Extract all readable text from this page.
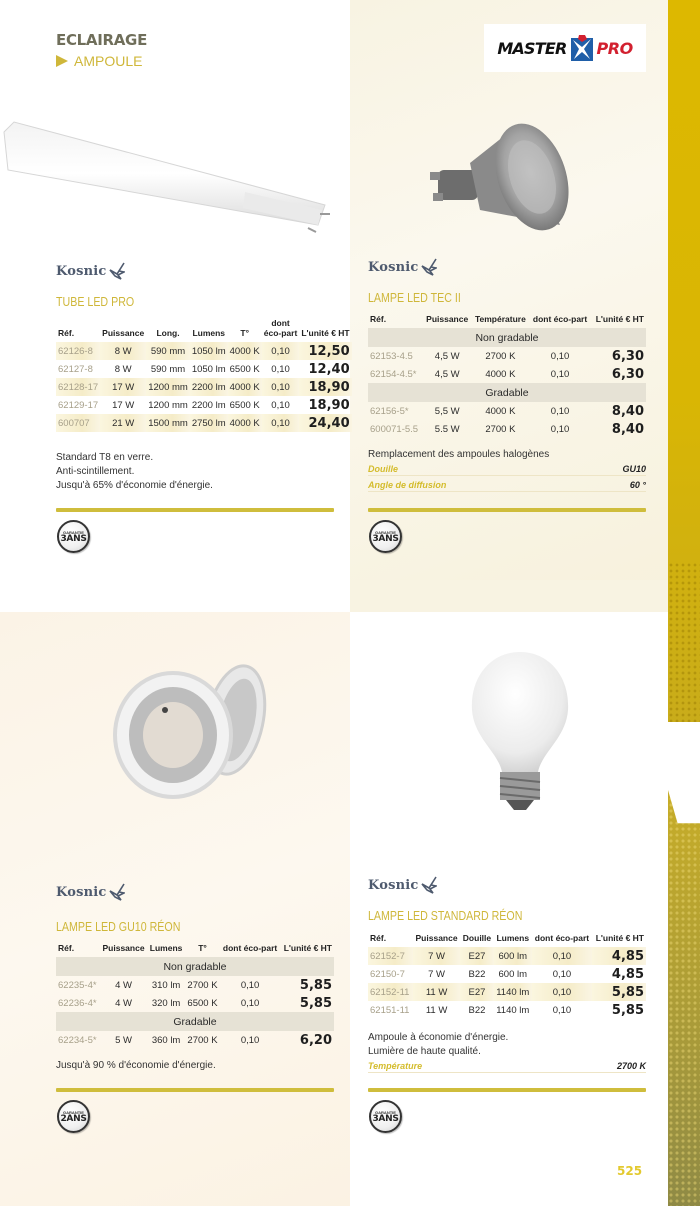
ECLAIRAGE
AMPOULE
MASTER PRO
Kosnic
TUBE LED PRO
Réf.	Puissance	Long.	Lumens	T°	dont
éco-part	L'unité € HT
62126-8	8 W	590 mm	1050 lm	4000 K	0,10	12,50
62127-8	8 W	590 mm	1050 lm	6500 K	0,10	12,40
62128-17	17 W	1200 mm	2200 lm	4000 K	0,10	18,90
62129-17	17 W	1200 mm	2200 lm	6500 K	0,10	18,90
600707	21 W	1500 mm	2750 lm	4000 K	0,10	24,40
Standard T8 en verre.
Anti-scintillement.
Jusqu'à 65% d'économie d'énergie.
GARANTIE
3ANS
Kosnic
LAMPE LED TEC II
Réf.	Puissance	Température	dont éco-part	L'unité € HT
Non gradable				
62153-4.5	4,5 W	2700 K	0,10	6,30
62154-4.5*	4,5 W	4000 K	0,10	6,30
Gradable				
62156-5*	5,5 W	4000 K	0,10	8,40
600071-5.5	5.5 W	2700 K	0,10	8,40
Remplacement des ampoules halogènes
Douille	GU10
Angle de diffusion	60 °
GARANTIE
3ANS
Kosnic
LAMPE LED GU10 RÉON
Réf.	Puissance	Lumens	T°	dont éco-part	L'unité € HT
Non gradable					
62235-4*	4 W	310 lm	2700 K	0,10	5,85
62236-4*	4 W	320 lm	6500 K	0,10	5,85
Gradable					
62234-5*	5 W	360 lm	2700 K	0,10	6,20
Jusqu'à 90 % d'économie d'énergie.
GARANTIE
2ANS
Kosnic
LAMPE LED STANDARD RÉON
Réf.	Puissance	Douille	Lumens	dont éco-part	L'unité € HT
62152-7	7 W	E27	600 lm	0,10	4,85
62150-7	7 W	B22	600 lm	0,10	4,85
62152-11	11 W	E27	1140 lm	0,10	5,85
62151-11	11 W	B22	1140 lm	0,10	5,85
Ampoule à économie d'énergie.
Lumière de haute qualité.
Température	2700 K
GARANTIE
3ANS
525
